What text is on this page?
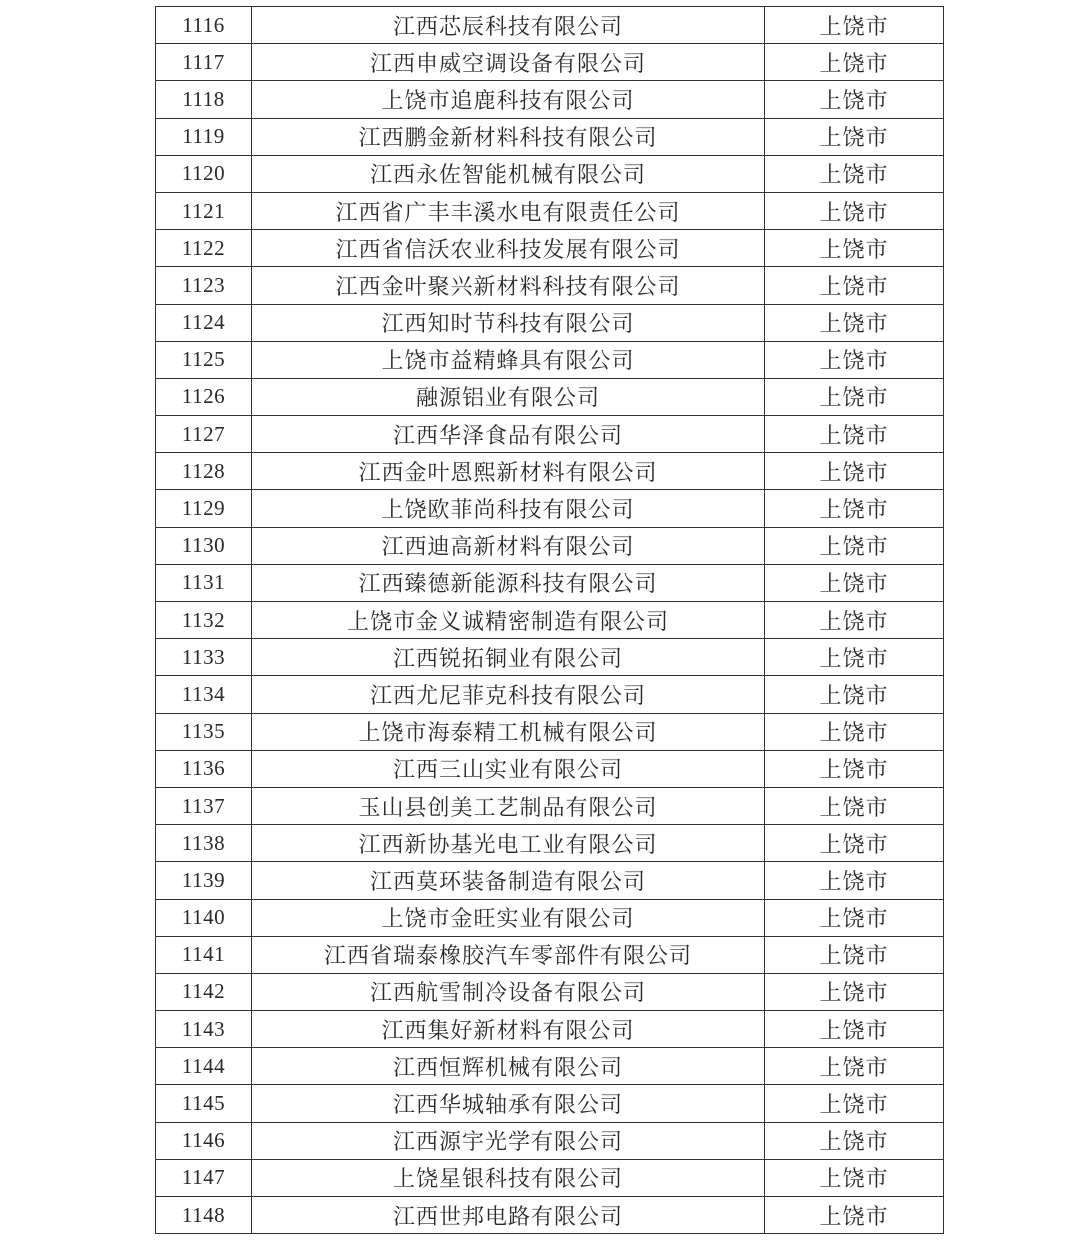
1116	江西芯辰科技有限公司	上饶市
1117	江西申威空调设备有限公司	上饶市
1118	上饶市追鹿科技有限公司	上饶市
1119	江西鹏金新材料科技有限公司	上饶市
1120	江西永佐智能机械有限公司	上饶市
1121	江西省广丰丰溪水电有限责任公司	上饶市
1122	江西省信沃农业科技发展有限公司	上饶市
1123	江西金叶聚兴新材料科技有限公司	上饶市
1124	江西知时节科技有限公司	上饶市
1125	上饶市益精蜂具有限公司	上饶市
1126	融源铝业有限公司	上饶市
1127	江西华泽食品有限公司	上饶市
1128	江西金叶恩熙新材料有限公司	上饶市
1129	上饶欧菲尚科技有限公司	上饶市
1130	江西迪高新材料有限公司	上饶市
1131	江西臻德新能源科技有限公司	上饶市
1132	上饶市金义诚精密制造有限公司	上饶市
1133	江西锐拓铜业有限公司	上饶市
1134	江西尤尼菲克科技有限公司	上饶市
1135	上饶市海泰精工机械有限公司	上饶市
1136	江西三山实业有限公司	上饶市
1137	玉山县创美工艺制品有限公司	上饶市
1138	江西新协基光电工业有限公司	上饶市
1139	江西莫环装备制造有限公司	上饶市
1140	上饶市金旺实业有限公司	上饶市
1141	江西省瑞泰橡胶汽车零部件有限公司	上饶市
1142	江西航雪制冷设备有限公司	上饶市
1143	江西集好新材料有限公司	上饶市
1144	江西恒辉机械有限公司	上饶市
1145	江西华城轴承有限公司	上饶市
1146	江西源宇光学有限公司	上饶市
1147	上饶星银科技有限公司	上饶市
1148	江西世邦电路有限公司	上饶市
